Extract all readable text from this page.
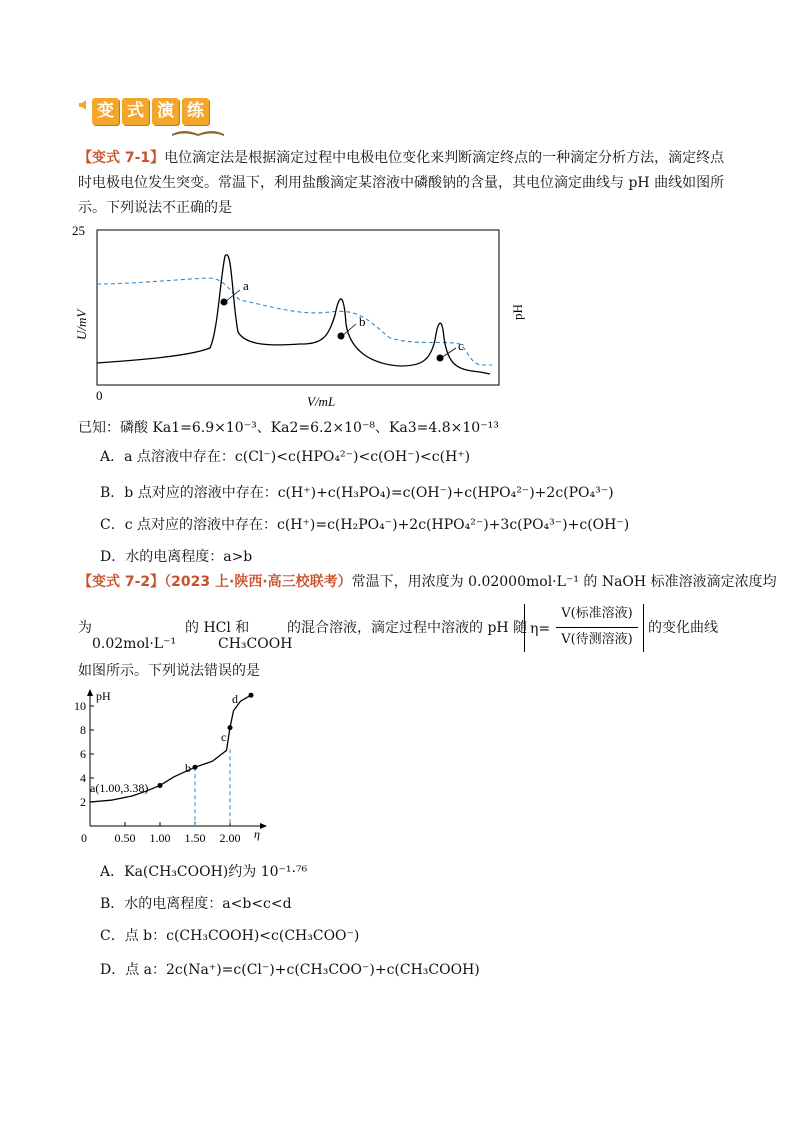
变 式 演 练
【变式 7-1】电位滴定法是根据滴定过程中电极电位变化来判断滴定终点的一种滴定分析方法，滴定终点
时电极电位发生突变。常温下，利用盐酸滴定某溶液中磷酸钠的含量，其电位滴定曲线与 pH 曲线如图所
示。下列说法不正确的是
25
0
U/mV
V/mL
pH
a
b
c
已知：磷酸 Ka1=6.9×10⁻³、Ka2=6.2×10⁻⁸、Ka3=4.8×10⁻¹³
A．a 点溶液中存在：c(Cl⁻)<c(HPO₄²⁻)<c(OH⁻)<c(H⁺)
B．b 点对应的溶液中存在：c(H⁺)+c(H₃PO₄)=c(OH⁻)+c(HPO₄²⁻)+2c(PO₄³⁻)
C．c 点对应的溶液中存在：c(H⁺)=c(H₂PO₄⁻)+2c(HPO₄²⁻)+3c(PO₄³⁻)+c(OH⁻)
D．水的电离程度：a>b
【变式 7-2】（2023 上·陕西·高三校联考）常温下，用浓度为 0.02000mol·L⁻¹ 的 NaOH 标准溶液滴定浓度均
为
0.02mol·L⁻¹
的 HCl 和
CH₃COOH
的混合溶液，滴定过程中溶液的 pH 随 η=
V(标准溶液)
V(待测溶液)
的变化曲线
如图所示。下列说法错误的是
pH
η
2
4
6
8
10
0 0.50 1.00 1.50 2.00
a(1.00,3.38)
b
c
d
A．Ka(CH₃COOH)约为 10⁻¹·⁷⁶
B．水的电离程度：a<b<c<d
C．点 b：c(CH₃COOH)<c(CH₃COO⁻)
D．点 a：2c(Na⁺)=c(Cl⁻)+c(CH₃COO⁻)+c(CH₃COOH)
